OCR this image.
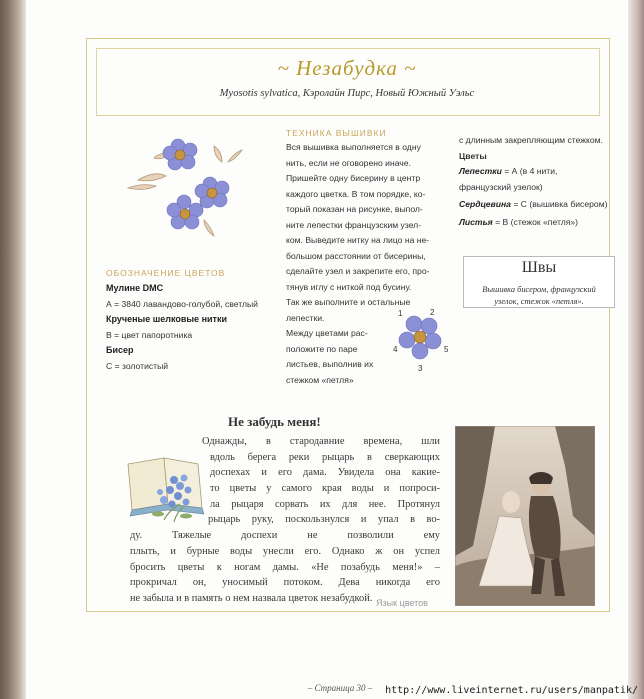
~ Незабудка ~
Myosotis sylvatica, Кэролайн Пирс, Новый Южный Уэльс
ОБОЗНАЧЕНИЕ ЦВЕТОВ
Мулине DMC
А = 3840 лавандово-голубой, светлый
Крученые шелковые нитки
В = цвет папоротника
Бисер
С = золотистый
ТЕХНИКА ВЫШИВКИ
Вся вышивка выполняется в одну
нить, если не оговорено иначе.
Пришейте одну бисерину в центр
каждого цветка. В том порядке, ко-
торый показан на рисунке, выпол-
ните лепестки французским узел-
ком. Выведите нитку на лицо на не-
большом расстоянии от бисерины,
сделайте узел и закрепите его, про-
тянув иглу с ниткой под бусину.
Так же выполните и остальные
лепестки.
Между цветами рас-
положите по паре
листьев, выполнив их
стежком «петля»
1	2
3
4	5
с длинным закрепляющим стежком.
Цветы
Лепестки = А (в 4 нити, французский узелок)
Сердцевина = С (вышивка бисером)
Листья = В (стежок «петля»)
Швы
Вышивка бисером, французский узелок, стежок «петля».
Не забудь меня!
Однажды, в стародавние времена, шли
вдоль берега реки рыцарь в сверкающих
доспехах и его дама. Увидела она какие-
то цветы у самого края воды и попроси-
ла рыцаря сорвать их для нее. Протянул
рыцарь руку, поскользнулся и упал в во-
ду. Тяжелые доспехи не позволили ему
плыть, и бурные воды унесли его. Однако ж он успел
бросить цветы к ногам дамы. «Не позабудь меня!» –
прокричал он, уносимый потоком. Дева никогда его
не забыла и в память о нем назвала цветок незабудкой. Язык цветов
– Страница 30 –	http://www.liveinternet.ru/users/manpatik/
